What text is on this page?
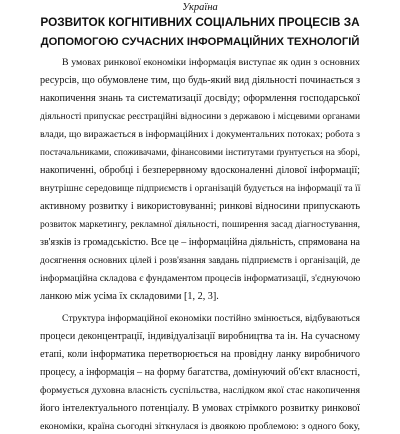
Україна
РОЗВИТОК КОГНІТИВНИХ СОЦІАЛЬНИХ ПРОЦЕСІВ ЗА
ДОПОМОГОЮ СУЧАСНИХ ІНФОРМАЦІЙНИХ ТЕХНОЛОГІЙ
В умовах ринкової економіки інформація виступає як один з основних
ресурсів, що обумовлене тим, що будь-який вид діяльності починається з
накопичення знань та систематизації досвіду; оформлення господарської
діяльності припускає реєстраційні відносини з державою і місцевими органами
влади, що виражається в інформаційних і документальних потоках; робота з
постачальниками, споживачами, фінансовими інститутами ґрунтується на зборі,
накопиченні, обробці і безперервному вдосконаленні ділової інформації;
внутрішнє середовище підприємств і організацій будується на інформації та її
активному розвитку і використовуванні; ринкові відносини припускають
розвиток маркетингу, рекламної діяльності, поширення засад діагностування,
зв'язків із громадськістю. Все це – інформаційна діяльність, спрямована на
досягнення основних цілей і розв'язання завдань підприємств і організацій, де
інформаційна складова є фундаментом процесів інформатизації, з'єднуючою
ланкою між усіма їх складовими [1, 2, 3].
Структура інформаційної економіки постійно змінюється, відбуваються
процеси деконцентрації, індивідуалізації виробництва та ін. На сучасному
етапі, коли інформатика перетворюється на провідну ланку виробничого
процесу, а інформація – на форму багатства, домінуючий об'єкт власності,
формується духовна власність суспільства, наслідком якої стає накопичення
його інтелектуального потенціалу. В умовах стрімкого розвитку ринкової
економіки, країна сьогодні зіткнулася із двоякою проблемою: з одного боку,
